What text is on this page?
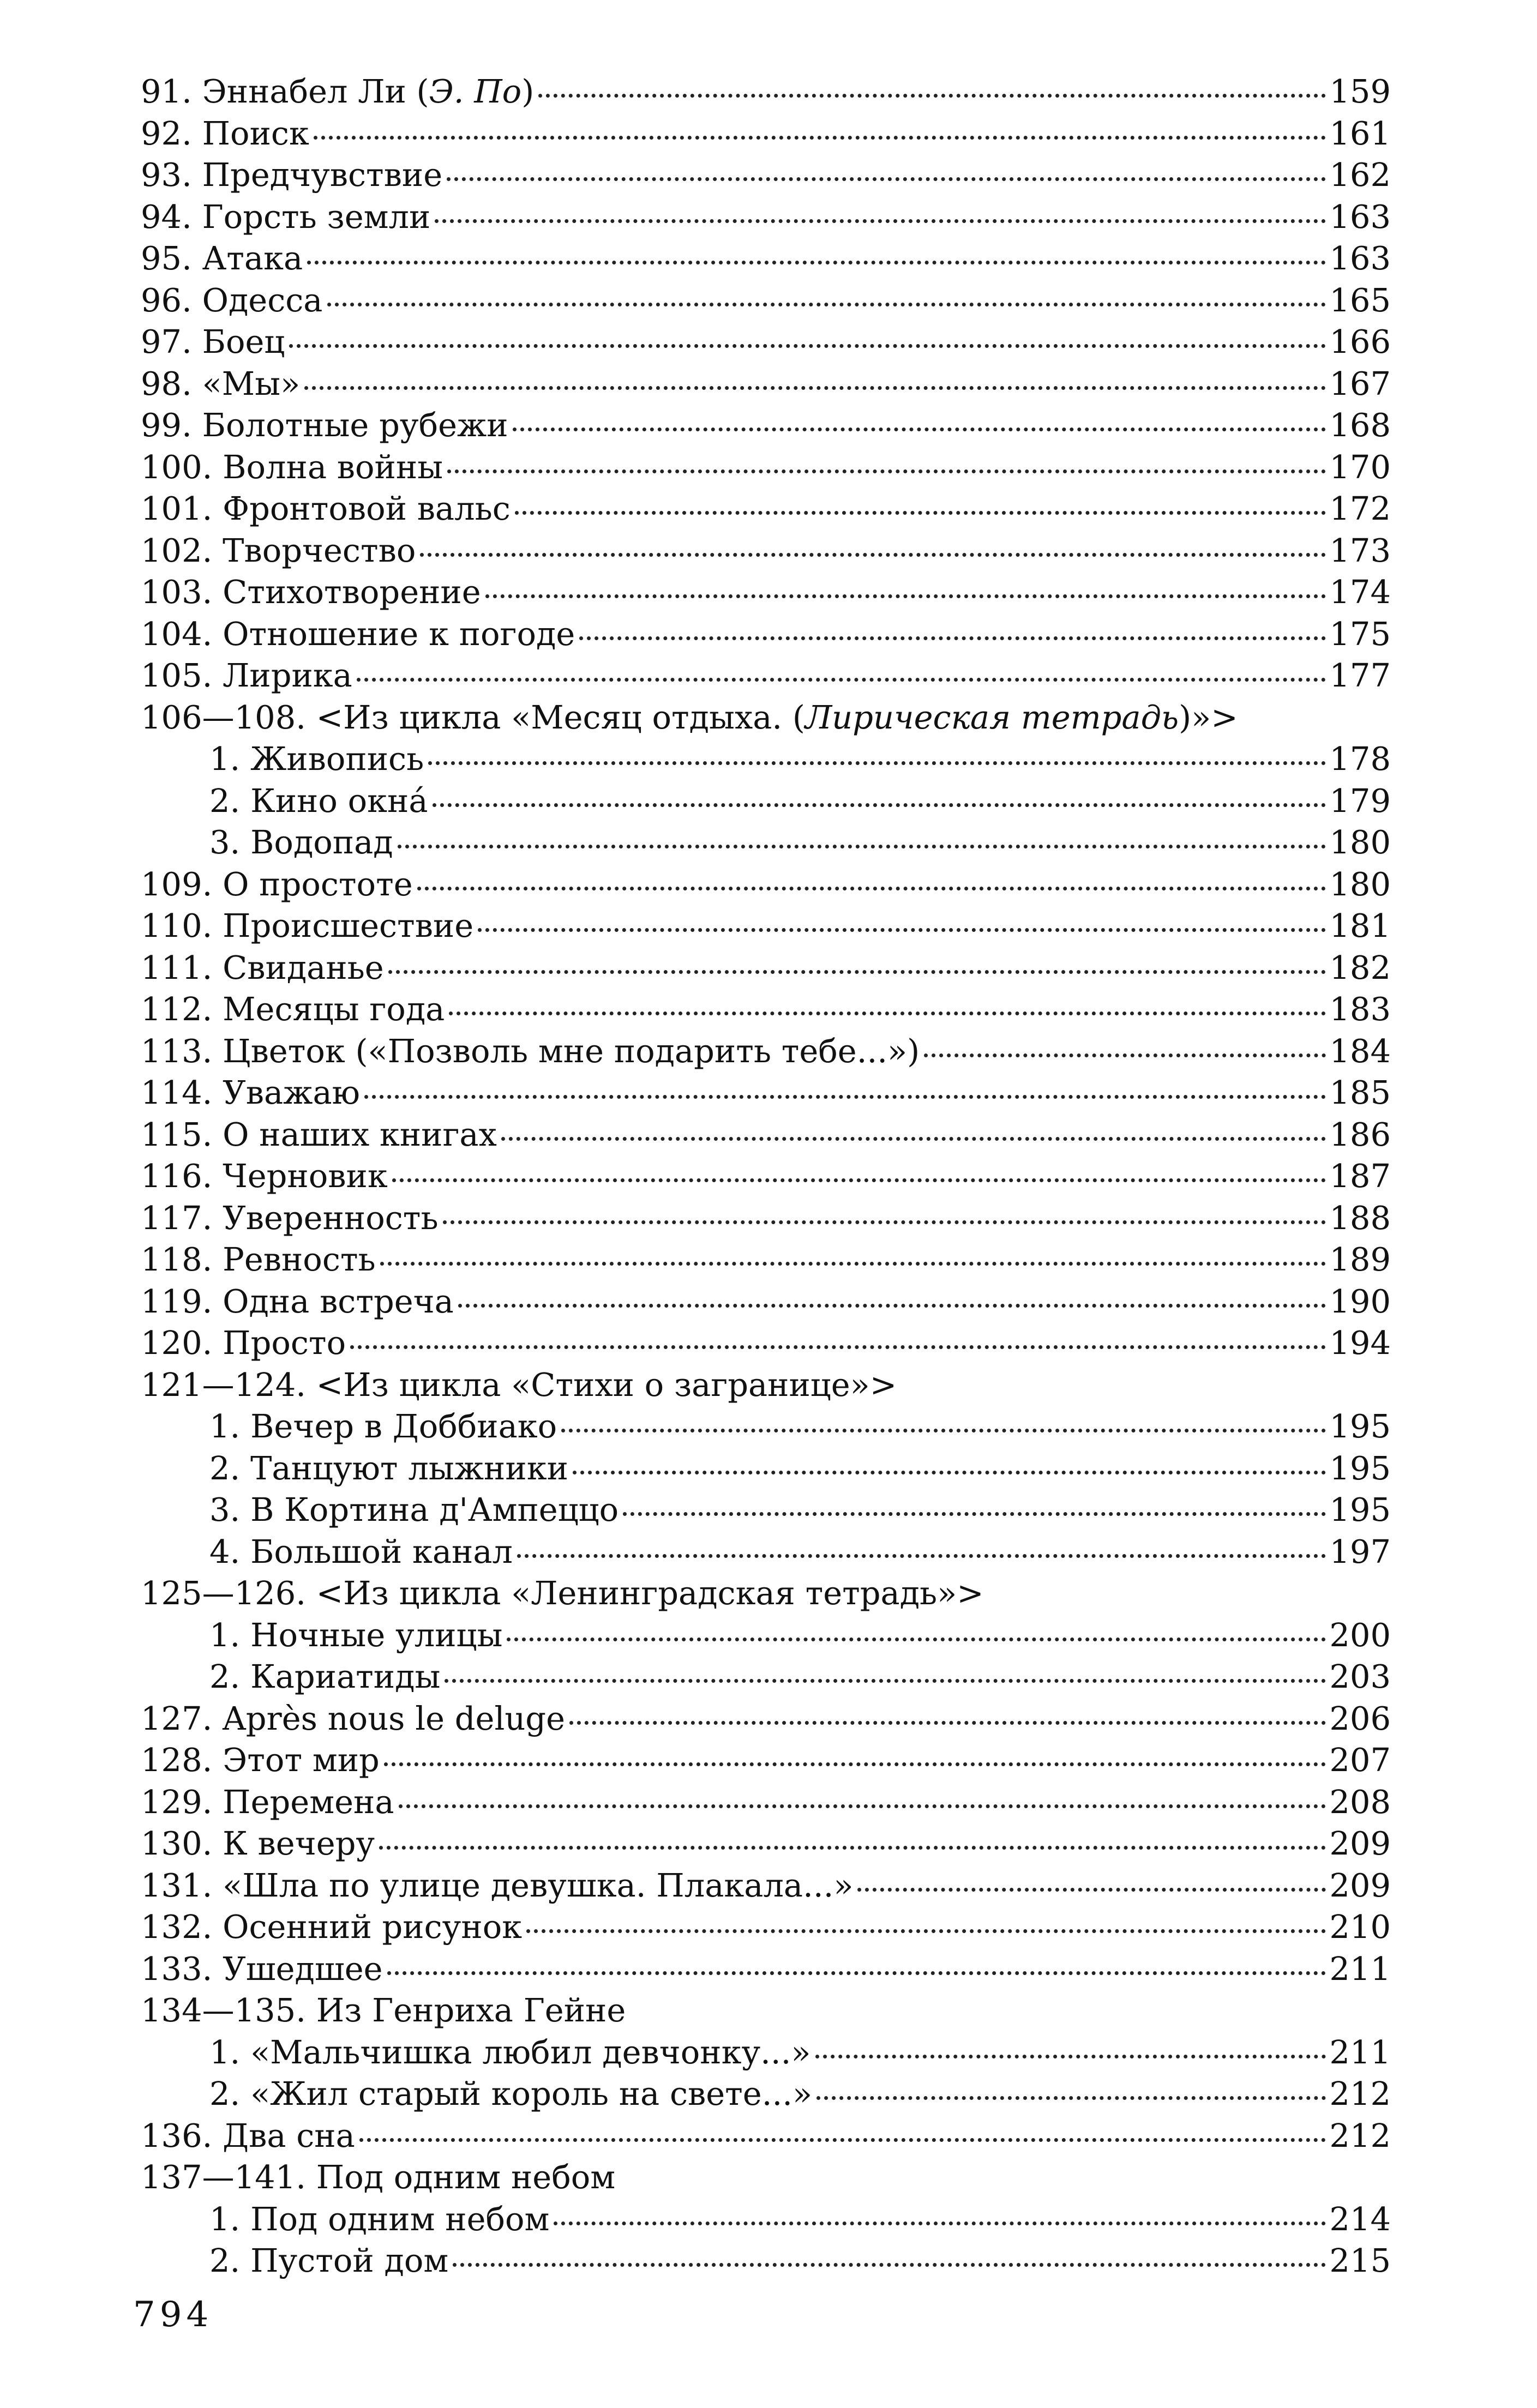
91. Эннабел Ли (Э. По)	159
92. Поиск	161
93. Предчувствие	162
94. Горсть земли	163
95. Атака	163
96. Одесса	165
97. Боец	166
98. «Мы»	167
99. Болотные рубежи	168
100. Волна войны	170
101. Фронтовой вальс	172
102. Творчество	173
103. Стихотворение	174
104. Отношение к погоде	175
105. Лирика	177
106—108. <Из цикла «Месяц отдыха. (Лирическая тетрадь)»>
1. Живопись	178
2. Кино окна́	179
3. Водопад	180
109. О простоте	180
110. Происшествие	181
111. Свиданье	182
112. Месяцы года	183
113. Цветок («Позволь мне подарить тебе...»)	184
114. Уважаю	185
115. О наших книгах	186
116. Черновик	187
117. Уверенность	188
118. Ревность	189
119. Одна встреча	190
120. Просто	194
121—124. <Из цикла «Стихи о загранице»>
1. Вечер в Доббиако	195
2. Танцуют лыжники	195
3. В Кортина д'Ампеццо	195
4. Большой канал	197
125—126. <Из цикла «Ленинградская тетрадь»>
1. Ночные улицы	200
2. Кариатиды	203
127. Après nous le deluge	206
128. Этот мир	207
129. Перемена	208
130. К вечеру	209
131. «Шла по улице девушка. Плакала...»	209
132. Осенний рисунок	210
133. Ушедшее	211
134—135. Из Генриха Гейне
1. «Мальчишка любил девчонку...»	211
2. «Жил старый король на свете...»	212
136. Два сна	212
137—141. Под одним небом
1. Под одним небом	214
2. Пустой дом	215
794
